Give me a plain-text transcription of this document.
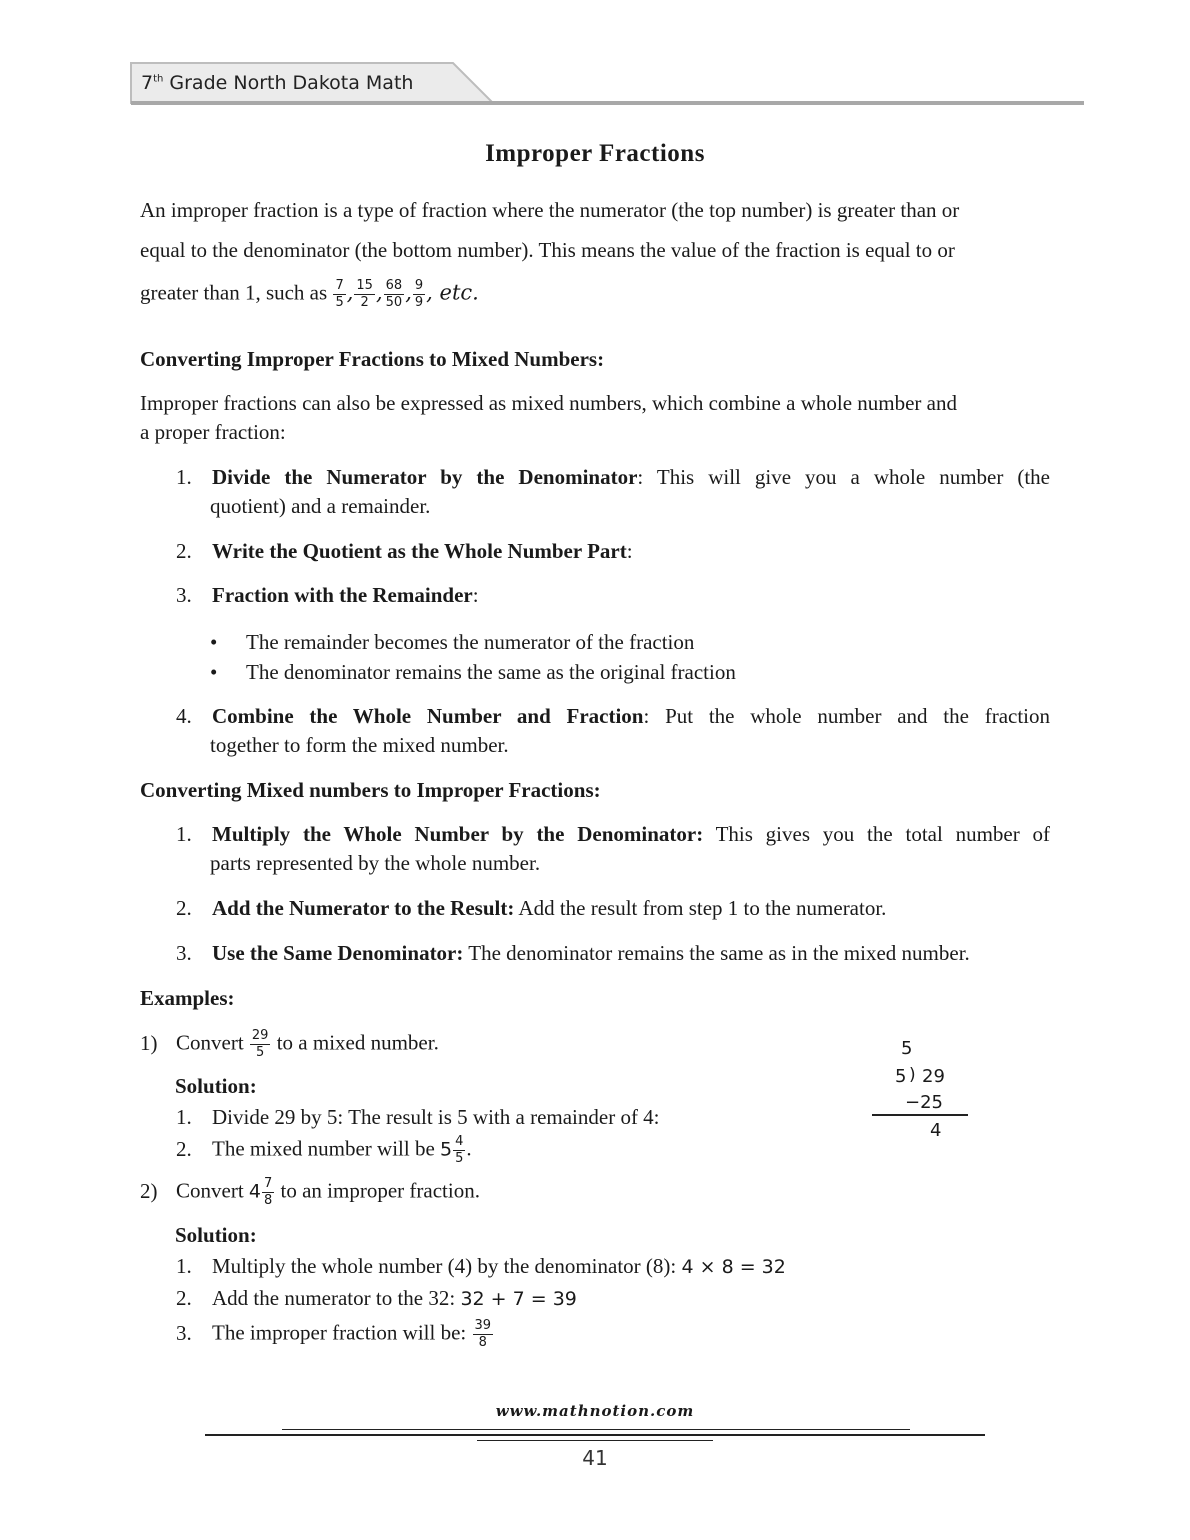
7th Grade North Dakota Math
Improper Fractions
An improper fraction is a type of fraction where the numerator (the top number) is greater than or
equal to the denominator (the bottom number). This means the value of the fraction is equal to or
greater than 1, such as $\frac{7}{5}$ , $\frac{15}{2}$ , $\frac{68}{50}$ , $\frac{9}{9}$ , etc.
Converting Improper Fractions to Mixed Numbers:
Improper fractions can also be expressed as mixed numbers, which combine a whole number and
a proper fraction:
1. Divide the Numerator by the Denominator: This will give you a whole number (the
quotient) and a remainder.
2. Write the Quotient as the Whole Number Part:
3. Fraction with the Remainder:
• The remainder becomes the numerator of the fraction
• The denominator remains the same as the original fraction
4. Combine the Whole Number and Fraction: Put the whole number and the fraction
together to form the mixed number.
Converting Mixed numbers to Improper Fractions:
1. Multiply the Whole Number by the Denominator: This gives you the total number of
parts represented by the whole number.
2. Add the Numerator to the Result: Add the result from step 1 to the numerator.
3. Use the Same Denominator: The denominator remains the same as in the mixed number.
Examples:
1) Convert $\frac{29}{5}$ to a mixed number.
Solution:
1. Divide 29 by 5: The result is 5 with a remainder of 4:
2. The mixed number will be $5 \frac{4}{5}$ .
5
5 ) 29
−25
4
2) Convert $4 \frac{7}{8}$ to an improper fraction.
Solution:
1. Multiply the whole number (4) by the denominator (8): 4 × 8 = 32
2. Add the numerator to the 32: 32 + 7 = 39
3. The improper fraction will be: $\frac{39}{8}$
www.mathnotion.com
41
